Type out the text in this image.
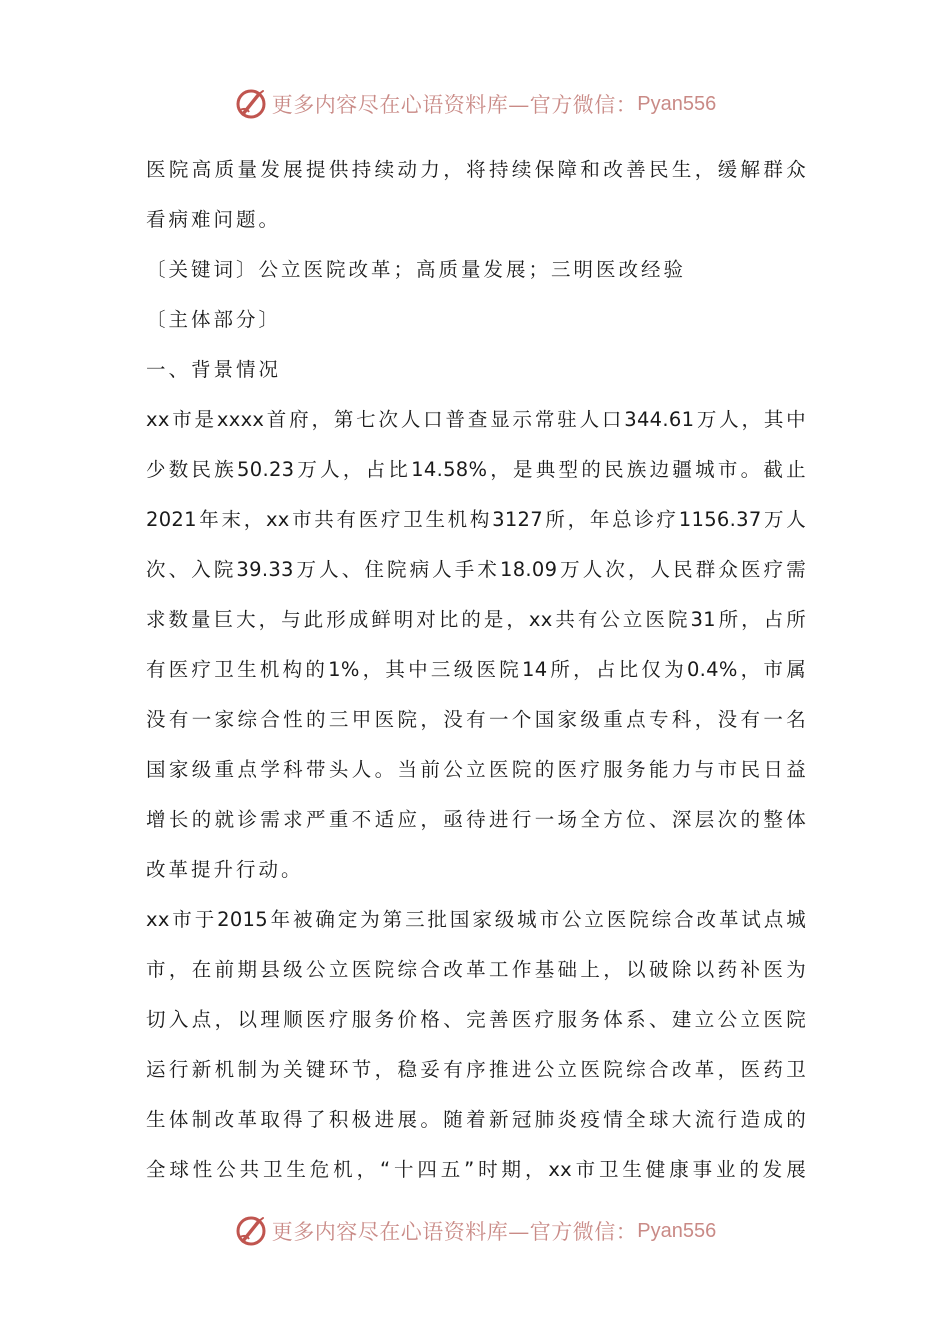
更多内容尽在心语资料库—官方微信： Pyan556
医院高质量发展提供持续动力，将持续保障和改善民生，缓解群众
看病难问题。
〔关键词〕公立医院改革；高质量发展；三明医改经验
〔主体部分〕
一、背景情况
xx市是xxxx首府，第七次人口普查显示常驻人口344.61万人，其中
少数民族50.23万人，占比14.58%，是典型的民族边疆城市。截止
2021年末，xx市共有医疗卫生机构3127所，年总诊疗1156.37万人
次、入院39.33万人、住院病人手术18.09万人次，人民群众医疗需
求数量巨大，与此形成鲜明对比的是，xx共有公立医院31所，占所
有医疗卫生机构的1%，其中三级医院14所，占比仅为0.4%，市属
没有一家综合性的三甲医院，没有一个国家级重点专科，没有一名
国家级重点学科带头人。当前公立医院的医疗服务能力与市民日益
增长的就诊需求严重不适应，亟待进行一场全方位、深层次的整体
改革提升行动。
xx市于2015年被确定为第三批国家级城市公立医院综合改革试点城
市，在前期县级公立医院综合改革工作基础上，以破除以药补医为
切入点，以理顺医疗服务价格、完善医疗服务体系、建立公立医院
运行新机制为关键环节，稳妥有序推进公立医院综合改革，医药卫
生体制改革取得了积极进展。随着新冠肺炎疫情全球大流行造成的
全球性公共卫生危机，“十四五”时期，xx市卫生健康事业的发展
更多内容尽在心语资料库—官方微信： Pyan556
